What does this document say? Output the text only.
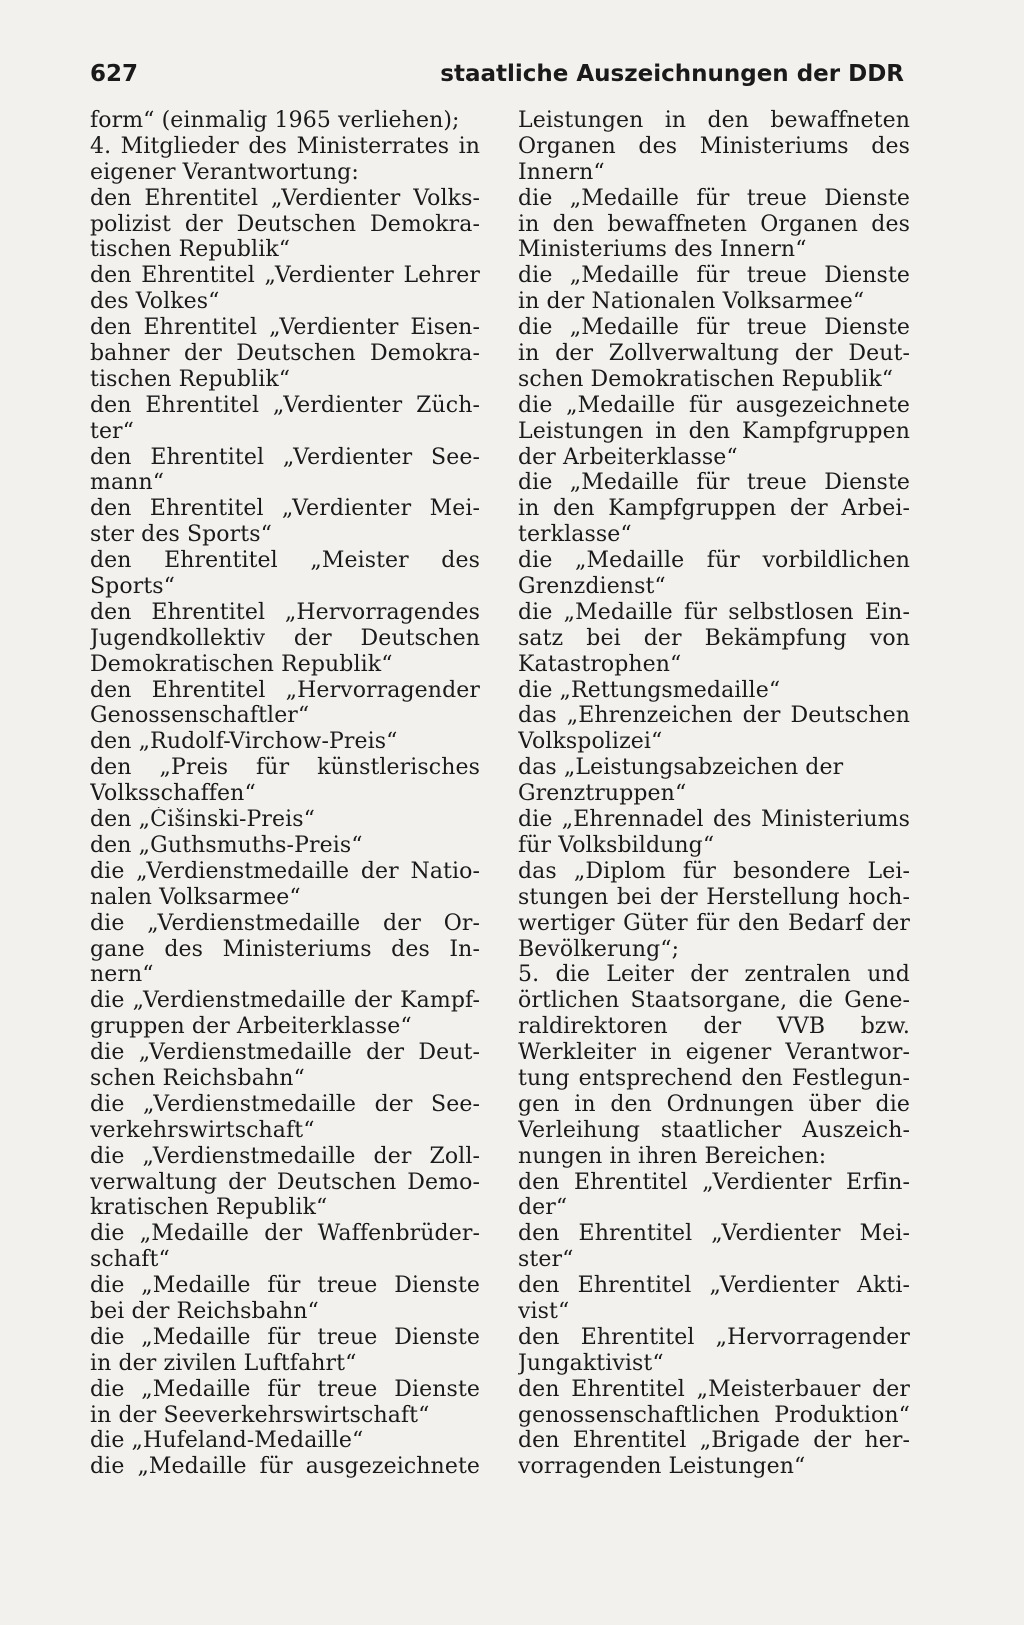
627	staatliche Auszeichnungen der DDR
form“ (einmalig 1965 verliehen);
4. Mitglieder des Ministerrates in
eigener Verantwortung:
den Ehrentitel „Verdienter Volks-
polizist der Deutschen Demokra-
tischen Republik“
den Ehrentitel „Verdienter Lehrer
des Volkes“
den Ehrentitel „Verdienter Eisen-
bahner der Deutschen Demokra-
tischen Republik“
den Ehrentitel „Verdienter Züch-
ter“
den Ehrentitel „Verdienter See-
mann“
den Ehrentitel „Verdienter Mei-
ster des Sports“
den Ehrentitel „Meister des
Sports“
den Ehrentitel „Hervorragendes
Jugendkollektiv der Deutschen
Demokratischen Republik“
den Ehrentitel „Hervorragender
Genossenschaftler“
den „Rudolf-Virchow-Preis“
den „Preis für künstlerisches
Volksschaffen“
den „Ćišinski-Preis“
den „Guthsmuths-Preis“
die „Verdienstmedaille der Natio-
nalen Volksarmee“
die „Verdienstmedaille der Or-
gane des Ministeriums des In-
nern“
die „Verdienstmedaille der Kampf-
gruppen der Arbeiterklasse“
die „Verdienstmedaille der Deut-
schen Reichsbahn“
die „Verdienstmedaille der See-
verkehrswirtschaft“
die „Verdienstmedaille der Zoll-
verwaltung der Deutschen Demo-
kratischen Republik“
die „Medaille der Waffenbrüder-
schaft“
die „Medaille für treue Dienste
bei der Reichsbahn“
die „Medaille für treue Dienste
in der zivilen Luftfahrt“
die „Medaille für treue Dienste
in der Seeverkehrswirtschaft“
die „Hufeland-Medaille“
die „Medaille für ausgezeichnete
Leistungen in den bewaffneten
Organen des Ministeriums des
Innern“
die „Medaille für treue Dienste
in den bewaffneten Organen des
Ministeriums des Innern“
die „Medaille für treue Dienste
in der Nationalen Volksarmee“
die „Medaille für treue Dienste
in der Zollverwaltung der Deut-
schen Demokratischen Republik“
die „Medaille für ausgezeichnete
Leistungen in den Kampfgruppen
der Arbeiterklasse“
die „Medaille für treue Dienste
in den Kampfgruppen der Arbei-
terklasse“
die „Medaille für vorbildlichen
Grenzdienst“
die „Medaille für selbstlosen Ein-
satz bei der Bekämpfung von
Katastrophen“
die „Rettungsmedaille“
das „Ehrenzeichen der Deutschen
Volkspolizei“
das „Leistungsabzeichen der
Grenztruppen“
die „Ehrennadel des Ministeriums
für Volksbildung“
das „Diplom für besondere Lei-
stungen bei der Herstellung hoch-
wertiger Güter für den Bedarf der
Bevölkerung“;
5. die Leiter der zentralen und
örtlichen Staatsorgane, die Gene-
raldirektoren der VVB bzw.
Werkleiter in eigener Verantwor-
tung entsprechend den Festlegun-
gen in den Ordnungen über die
Verleihung staatlicher Auszeich-
nungen in ihren Bereichen:
den Ehrentitel „Verdienter Erfin-
der“
den Ehrentitel „Verdienter Mei-
ster“
den Ehrentitel „Verdienter Akti-
vist“
den Ehrentitel „Hervorragender
Jungaktivist“
den Ehrentitel „Meisterbauer der
genossenschaftlichen Produktion“
den Ehrentitel „Brigade der her-
vorragenden Leistungen“
